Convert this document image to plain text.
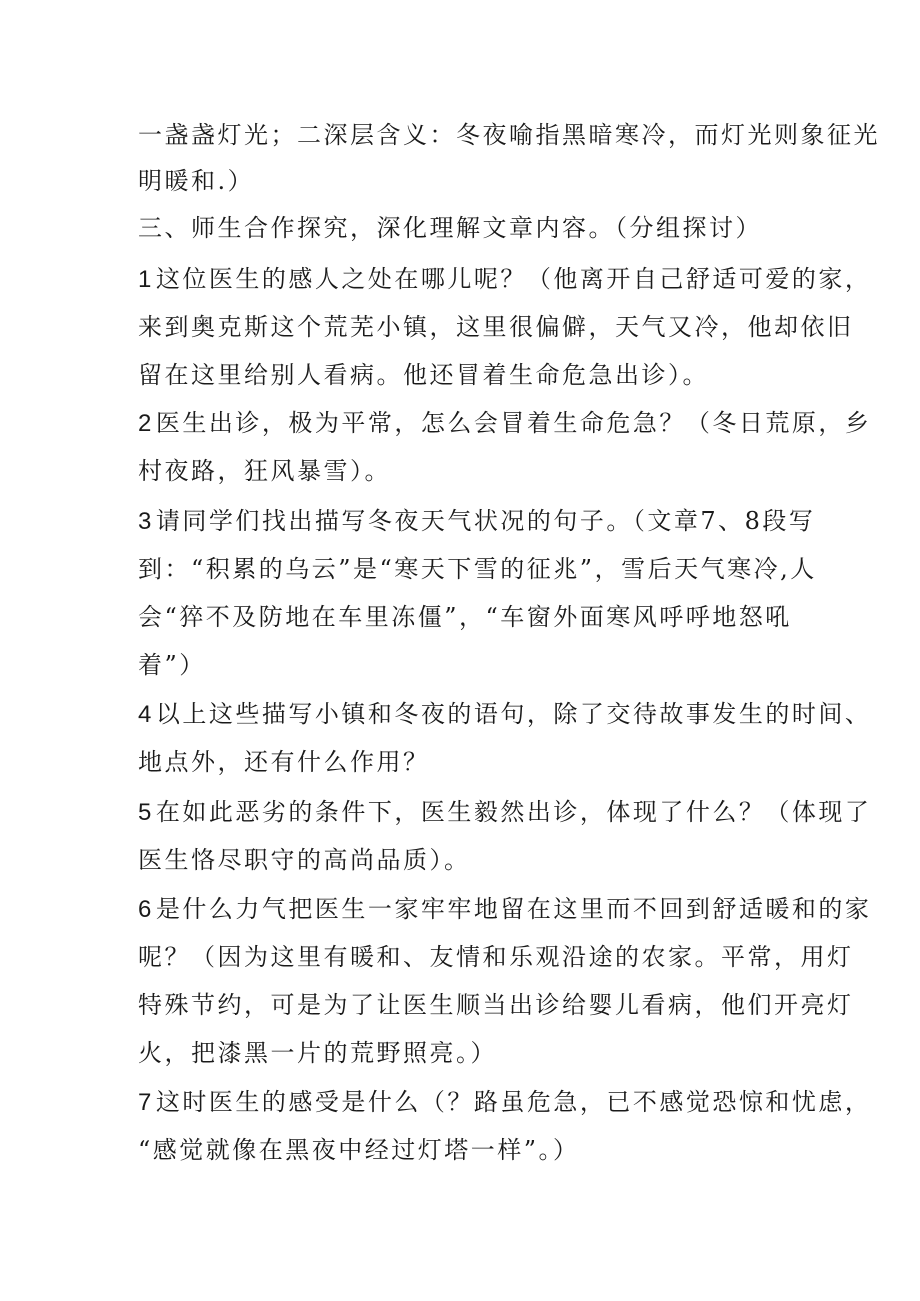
一盏盏灯光；二深层含义：冬夜喻指黑暗寒冷，而灯光则象征光
明暖和.）
三、师生合作探究，深化理解文章内容。（分组探讨）
1这位医生的感人之处在哪儿呢？（他离开自己舒适可爱的家，
来到奥克斯这个荒芜小镇，这里很偏僻，天气又冷，他却依旧
留在这里给别人看病。他还冒着生命危急出诊）。
2医生出诊，极为平常，怎么会冒着生命危急？（冬日荒原，乡
村夜路，狂风暴雪）。
3请同学们找出描写冬夜天气状况的句子。（文章7、8段写
到：“积累的乌云”是“寒天下雪的征兆”，雪后天气寒冷,人
会“猝不及防地在车里冻僵”，“车窗外面寒风呼呼地怒吼
着”）
4以上这些描写小镇和冬夜的语句，除了交待故事发生的时间、
地点外，还有什么作用？
5在如此恶劣的条件下，医生毅然出诊，体现了什么？（体现了
医生恪尽职守的高尚品质）。
6是什么力气把医生一家牢牢地留在这里而不回到舒适暖和的家
呢？（因为这里有暖和、友情和乐观沿途的农家。平常，用灯
特殊节约，可是为了让医生顺当出诊给婴儿看病，他们开亮灯
火，把漆黑一片的荒野照亮。）
7这时医生的感受是什么（？路虽危急，已不感觉恐惊和忧虑，
“感觉就像在黑夜中经过灯塔一样”。）
